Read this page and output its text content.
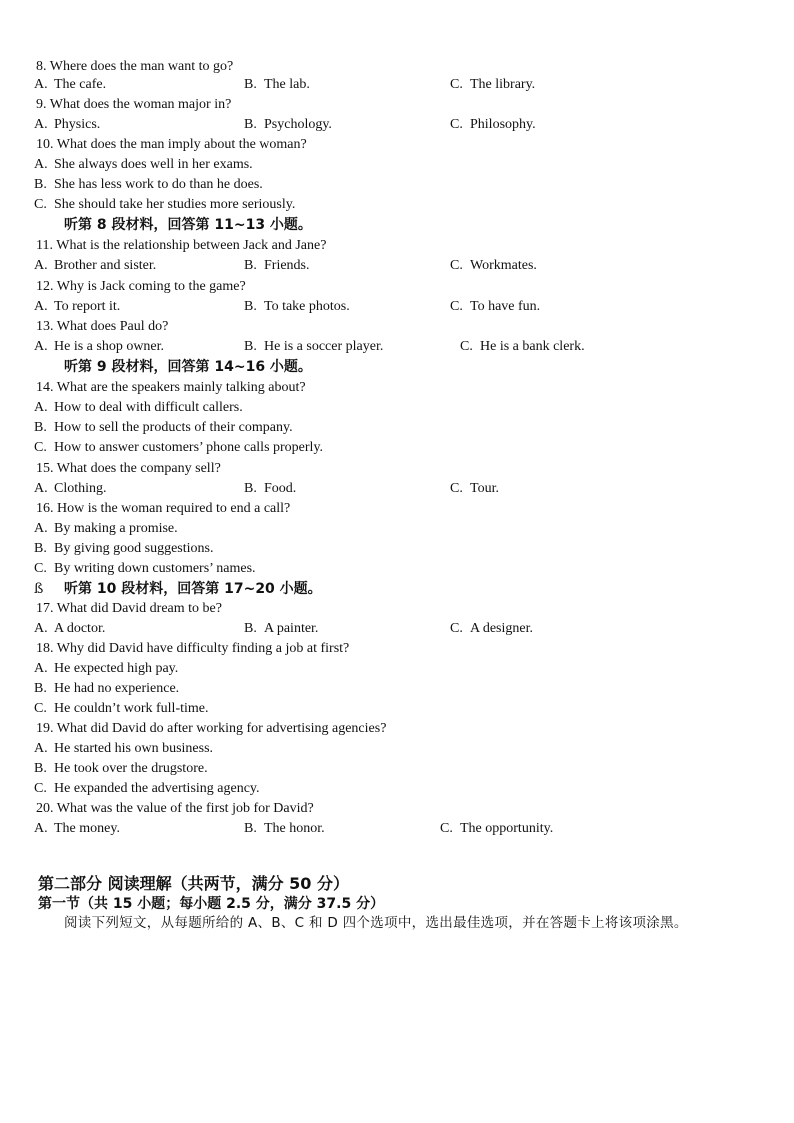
8. Where does the man want to go?
A. The cafe.	B. The lab.	C. The library.
9. What does the woman major in?
A. Physics.	B. Psychology.	C. Philosophy.
10. What does the man imply about the woman?
A. She always does well in her exams.
B. She has less work to do than he does.
C. She should take her studies more seriously.
听第 8 段材料，回答第 11~13 小题。
11. What is the relationship between Jack and Jane?
A. Brother and sister.	B. Friends.	C. Workmates.
12. Why is Jack coming to the game?
A. To report it.	B. To take photos.	C. To have fun.
13. What does Paul do?
A. He is a shop owner.	B. He is a soccer player.	C. He is a bank clerk.
听第 9 段材料，回答第 14~16 小题。
14. What are the speakers mainly talking about?
A. How to deal with difficult callers.
B. How to sell the products of their company.
C. How to answer customers’ phone calls properly.
15. What does the company sell?
A. Clothing.	B. Food.	C. Tour.
16. How is the woman required to end a call?
A. By making a promise.
B. By giving good suggestions.
C. By writing down customers’ names.
ß 听第 10 段材料，回答第 17~20 小题。
17. What did David dream to be?
A. A doctor.	B. A painter.	C. A designer.
18. Why did David have difficulty finding a job at first?
A. He expected high pay.
B. He had no experience.
C. He couldn’t work full-time.
19. What did David do after working for advertising agencies?
A. He started his own business.
B. He took over the drugstore.
C. He expanded the advertising agency.
20. What was the value of the first job for David?
A. The money.	B. The honor.	C. The opportunity.
第二部分 阅读理解（共两节，满分 50 分）
第一节（共 15 小题；每小题 2.5 分，满分 37.5 分）
阅读下列短文，从每题所给的 A、B、C 和 D 四个选项中，选出最佳选项，并在答题卡上将该项涂黑。
